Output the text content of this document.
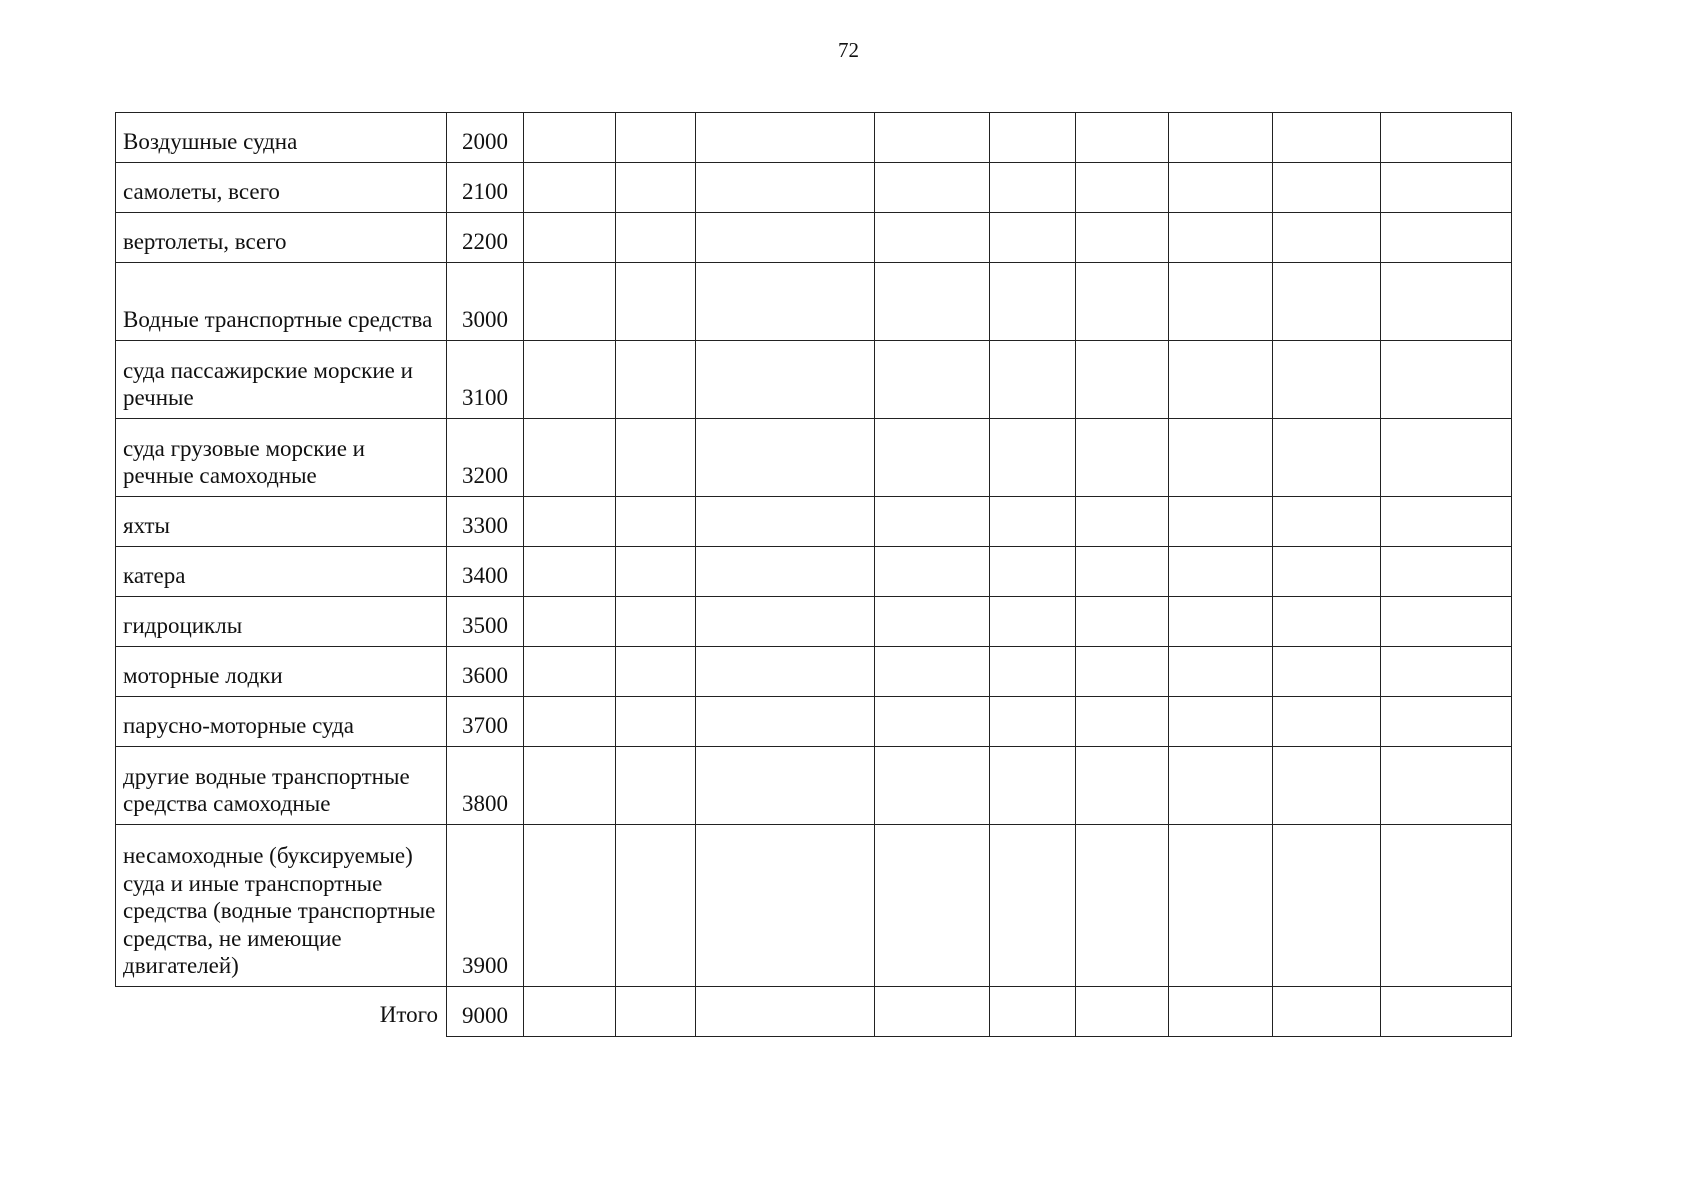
72
Воздушные судна	2000									
самолеты, всего	2100									
вертолеты, всего	2200									
Водные транспортные средства	3000									
суда пассажирские морские и речные	3100									
суда грузовые морские и речные самоходные	3200									
яхты	3300									
катера	3400									
гидроциклы	3500									
моторные лодки	3600									
парусно-моторные суда	3700									
другие водные транспортные средства самоходные	3800									
несамоходные (буксируемые) суда и иные транспортные средства (водные транспортные средства, не имеющие двигателей)	3900									
Итого	9000									
